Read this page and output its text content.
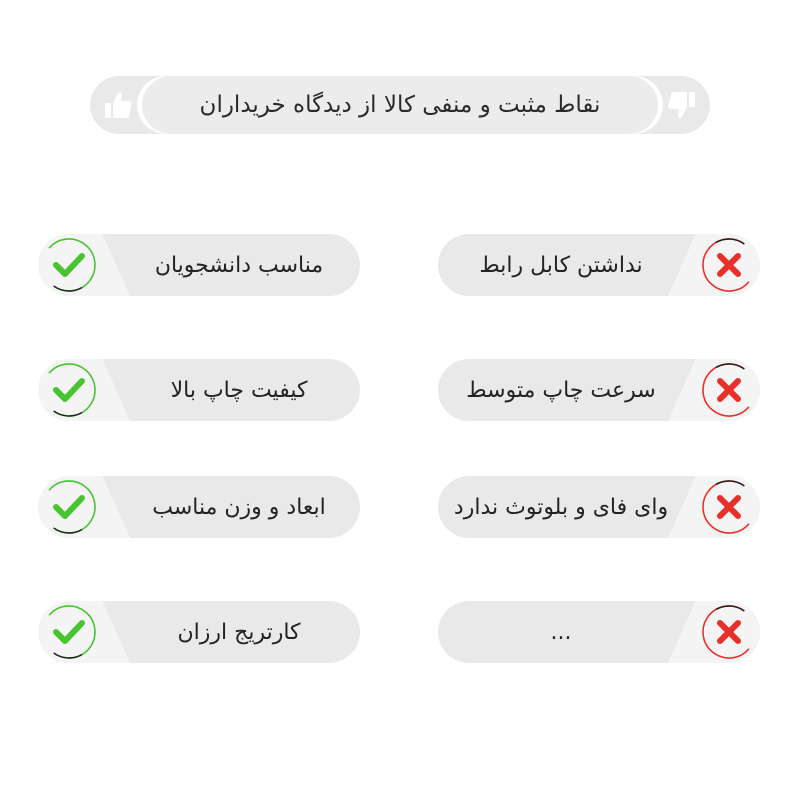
نقاط مثبت و منفی کالا از دیدگاه خریداران
مناسب دانشجویان
کیفیت چاپ بالا
ابعاد و وزن مناسب
کارتریج ارزان
نداشتن کابل رابط
سرعت چاپ متوسط
وای فای و بلوتوث ندارد
...
